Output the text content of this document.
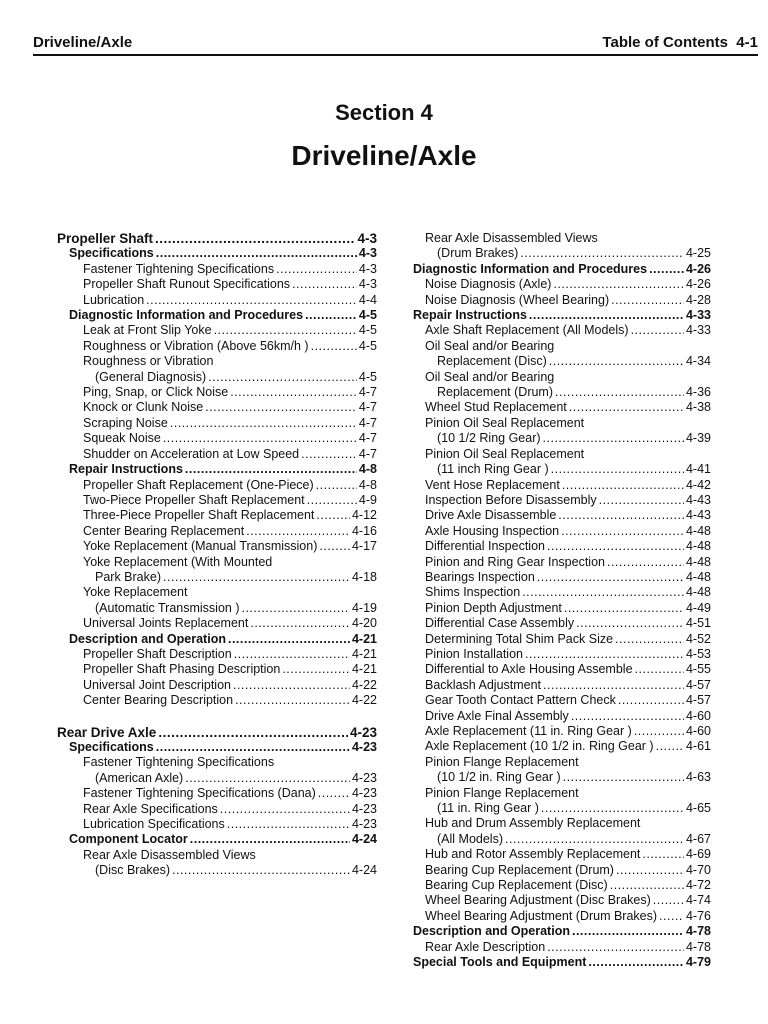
Driveline/Axle	Table of Contents  4-1
Section 4
Driveline/Axle
Propeller Shaft .....	4-3
Specifications .....	4-3
Fastener Tightening Specifications .....	4-3
Propeller Shaft Runout Specifications .....	4-3
Lubrication .....	4-4
Diagnostic Information and Procedures .....	4-5
Leak at Front Slip Yoke .....	4-5
Roughness or Vibration (Above 56km/h ) .....	4-5
Roughness or Vibration
(General Diagnosis) .....	4-5
Ping, Snap, or Click Noise .....	4-7
Knock or Clunk Noise .....	4-7
Scraping Noise .....	4-7
Squeak Noise .....	4-7
Shudder on Acceleration at Low Speed .....	4-7
Repair Instructions .....	4-8
Propeller Shaft Replacement (One-Piece) .....	4-8
Two-Piece Propeller Shaft Replacement .....	4-9
Three-Piece Propeller Shaft Replacement .....	4-12
Center Bearing Replacement .....	4-16
Yoke Replacement (Manual Transmission) .....	4-17
Yoke Replacement (With Mounted
Park Brake) .....	4-18
Yoke Replacement
(Automatic Transmission ) .....	4-19
Universal Joints Replacement .....	4-20
Description and Operation .....	4-21
Propeller Shaft Description .....	4-21
Propeller Shaft Phasing Description .....	4-21
Universal Joint Description .....	4-22
Center Bearing Description .....	4-22
Rear Drive Axle .....	4-23
Specifications .....	4-23
Fastener Tightening Specifications
(American Axle) .....	4-23
Fastener Tightening Specifications (Dana) .....	4-23
Rear Axle Specifications .....	4-23
Lubrication Specifications .....	4-23
Component Locator .....	4-24
Rear Axle Disassembled Views
(Disc Brakes) .....	4-24
Rear Axle Disassembled Views
(Drum Brakes) .....	4-25
Diagnostic Information and Procedures .....	4-26
Noise Diagnosis (Axle) .....	4-26
Noise Diagnosis (Wheel Bearing) .....	4-28
Repair Instructions .....	4-33
Axle Shaft Replacement (All Models) .....	4-33
Oil Seal and/or Bearing
Replacement (Disc) .....	4-34
Oil Seal and/or Bearing
Replacement (Drum) .....	4-36
Wheel Stud Replacement .....	4-38
Pinion Oil Seal Replacement
(10 1/2 Ring Gear) .....	4-39
Pinion Oil Seal Replacement
(11 inch Ring Gear ) .....	4-41
Vent Hose Replacement .....	4-42
Inspection Before Disassembly .....	4-43
Drive Axle Disassemble .....	4-43
Axle Housing Inspection .....	4-48
Differential Inspection .....	4-48
Pinion and Ring Gear Inspection .....	4-48
Bearings Inspection .....	4-48
Shims Inspection .....	4-48
Pinion Depth Adjustment .....	4-49
Differential Case Assembly .....	4-51
Determining Total Shim Pack Size .....	4-52
Pinion Installation .....	4-53
Differential to Axle Housing Assemble .....	4-55
Backlash Adjustment .....	4-57
Gear Tooth Contact Pattern Check .....	4-57
Drive Axle Final Assembly .....	4-60
Axle Replacement (11 in. Ring Gear ) .....	4-60
Axle Replacement (10 1/2 in. Ring Gear ) .....	4-61
Pinion Flange Replacement
(10 1/2 in. Ring Gear ) .....	4-63
Pinion Flange Replacement
(11 in. Ring Gear ) .....	4-65
Hub and Drum Assembly Replacement
(All Models) .....	4-67
Hub and Rotor Assembly Replacement .....	4-69
Bearing Cup Replacement (Drum) .....	4-70
Bearing Cup Replacement (Disc) .....	4-72
Wheel Bearing Adjustment (Disc Brakes) .....	4-74
Wheel Bearing Adjustment (Drum Brakes) ..... 4-76
Description and Operation .....	4-78
Rear Axle Description .....	4-78
Special Tools and Equipment .....	4-79
